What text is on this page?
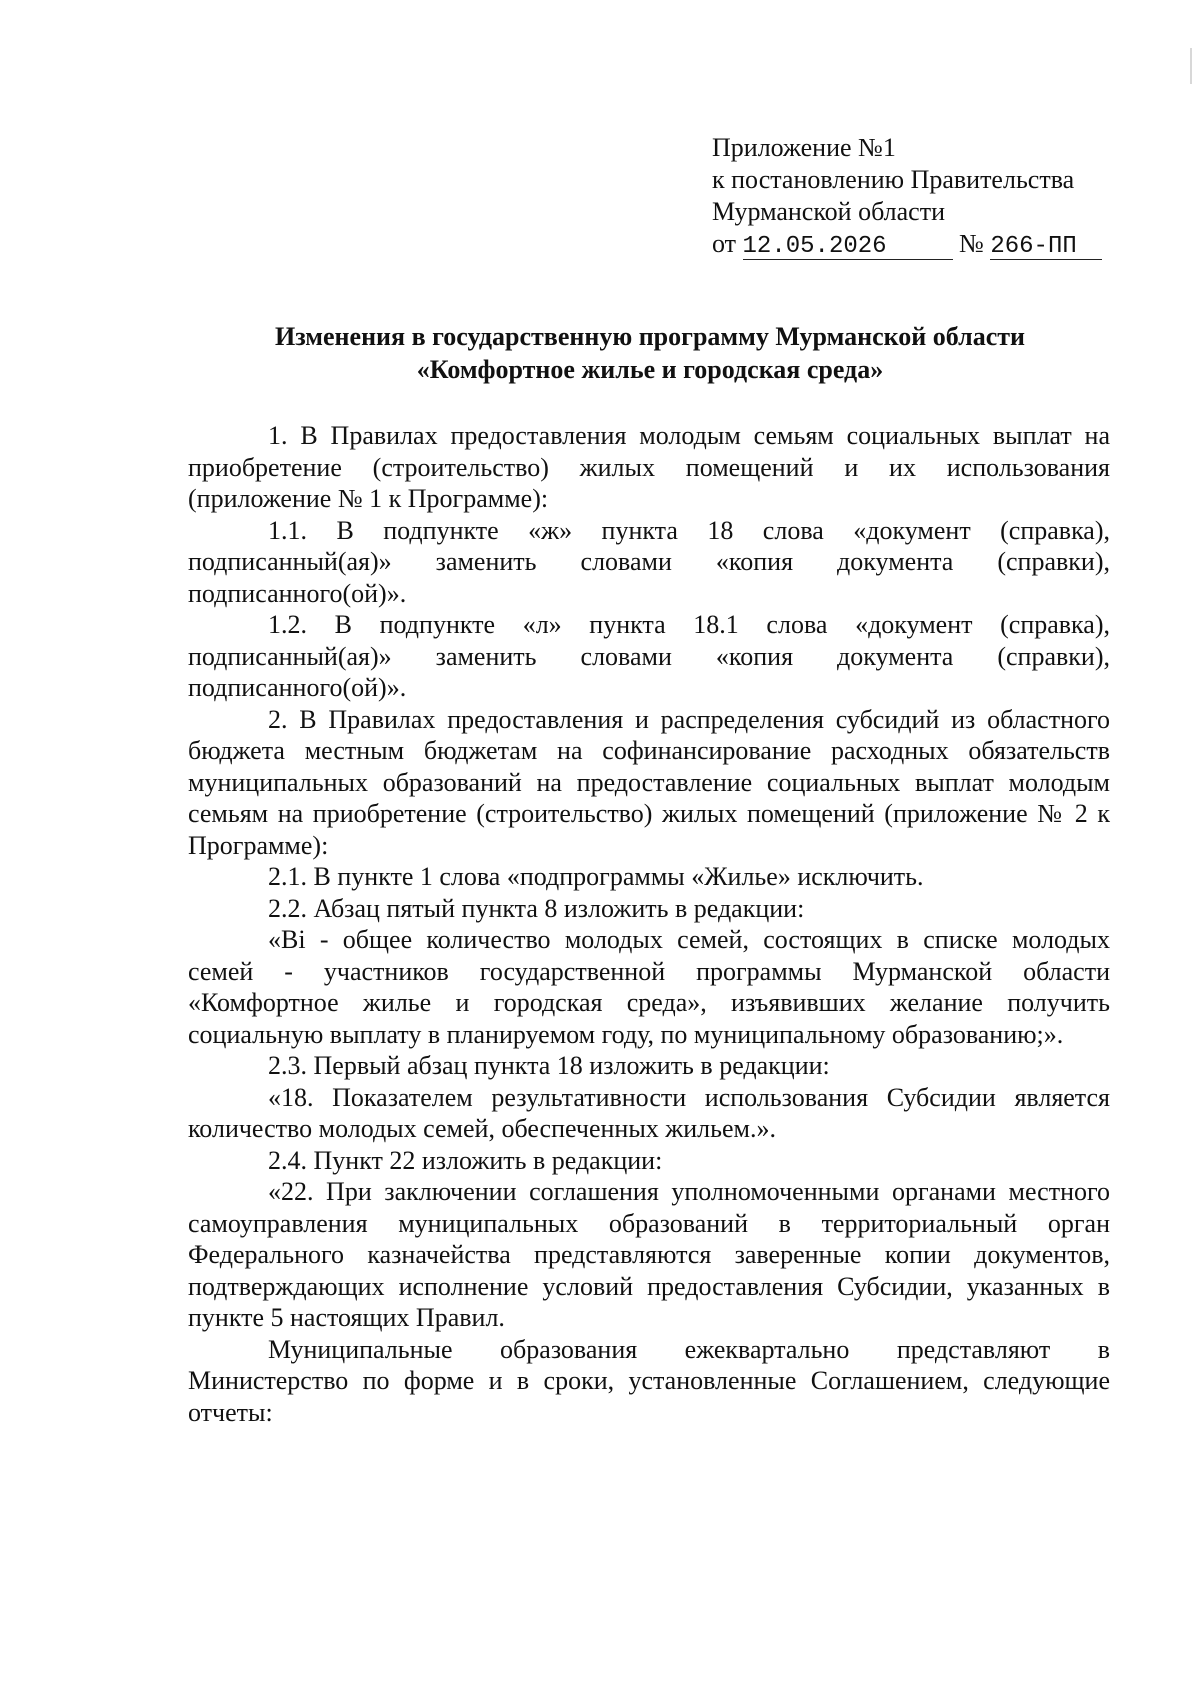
Приложение №1
к постановлению Правительства
Мурманской области
от 12.05.2026	№ 266-ПП
Изменения в государственную программу Мурманской области
«Комфортное жилье и городская среда»

1. В Правилах предоставления молодым семьям социальных выплат на приобретение (строительство) жилых помещений и их использования (приложение № 1 к Программе):

1.1. В подпункте «ж» пункта 18 слова «документ (справка), подписанный(ая)» заменить словами «копия документа (справки), подписанного(ой)».

1.2. В подпункте «л» пункта 18.1 слова «документ (справка), подписанный(ая)» заменить словами «копия документа (справки), подписанного(ой)».

2. В Правилах предоставления и распределения субсидий из областного бюджета местным бюджетам на софинансирование расходных обязательств муниципальных образований на предоставление социальных выплат молодым семьям на приобретение (строительство) жилых помещений (приложение № 2 к Программе):

2.1. В пункте 1 слова «подпрограммы «Жилье» исключить.

2.2. Абзац пятый пункта 8 изложить в редакции:

«Bi - общее количество молодых семей, состоящих в списке молодых семей - участников государственной программы Мурманской области «Комфортное жилье и городская среда», изъявивших желание получить социальную выплату в планируемом году, по муниципальному образованию;».

2.3. Первый абзац пункта 18 изложить в редакции:

«18. Показателем результативности использования Субсидии является количество молодых семей, обеспеченных жильем.».

2.4. Пункт 22 изложить в редакции:

«22. При заключении соглашения уполномоченными органами местного самоуправления муниципальных образований в территориальный орган Федерального казначейства представляются заверенные копии документов, подтверждающих исполнение условий предоставления Субсидии, указанных в пункте 5 настоящих Правил.

Муниципальные образования ежеквартально представляют в Министерство по форме и в сроки, установленные Соглашением, следующие отчеты:
